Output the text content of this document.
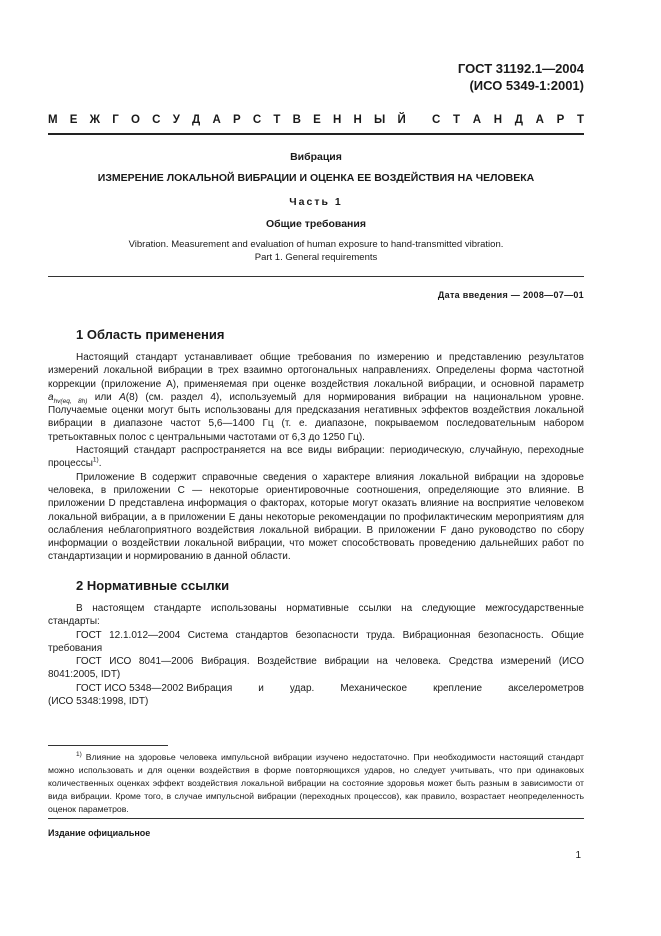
ГОСТ 31192.1—2004
(ИСО 5349-1:2001)
М Е Ж Г О С У Д А Р С Т В Е Н Н Ы Й С Т А Н Д А Р Т
Вибрация
ИЗМЕРЕНИЕ ЛОКАЛЬНОЙ ВИБРАЦИИ И ОЦЕНКА ЕЕ ВОЗДЕЙСТВИЯ НА ЧЕЛОВЕКА
Часть 1
Общие требования
Vibration. Measurement and evaluation of human exposure to hand-transmitted vibration.
Part 1. General requirements
Дата введения — 2008—07—01
1 Область применения

Настоящий стандарт устанавливает общие требования по измерению и представлению результатов измерений локальной вибрации в трех взаимно ортогональных направлениях. Определены форма частотной коррекции (приложение А), применяемая при оценке воздействия локальной вибрации, и основной параметр $a_{hv(eq, 8h)}$ или A(8) (см. раздел 4), используемый для нормирования вибрации на национальном уровне. Получаемые оценки могут быть использованы для предсказания негативных эффектов воздействия локальной вибрации в диапазоне частот 5,6—1400 Гц (т. е. диапазоне, покрываемом последовательным набором третьоктавных полос с центральными частотами от 6,3 до 1250 Гц).

Настоящий стандарт распространяется на все виды вибрации: периодическую, случайную, переходные процессы$^{1)}$.

Приложение В содержит справочные сведения о характере влияния локальной вибрации на здоровье человека, в приложении С — некоторые ориентировочные соотношения, определяющие это влияние. В приложении D представлена информация о факторах, которые могут оказать влияние на восприятие человеком локальной вибрации, а в приложении Е даны некоторые рекомендации по профилактическим мероприятиям для ослабления неблагоприятного воздействия локальной вибрации. В приложении F дано руководство по сбору информации о воздействии локальной вибрации, что может способствовать проведению дальнейших работ по стандартизации и нормированию в данной области.

2 Нормативные ссылки

В настоящем стандарте использованы нормативные ссылки на следующие межгосударственные стандарты:

ГОСТ 12.1.012—2004 Система стандартов безопасности труда. Вибрационная безопасность. Общие требования

ГОСТ ИСО 8041—2006 Вибрация. Воздействие вибрации на человека. Средства измерений (ИСО 8041:2005, IDT)

ГОСТ ИСО 5348—2002 Вибрация	и	удар.	Механическое	крепление	акселерометров

(ИСО 5348:1998, IDT)

$^{1)}$ Влияние на здоровье человека импульсной вибрации изучено недостаточно. При необходимости настоящий стандарт можно использовать и для оценки воздействия в форме повторяющихся ударов, но следует учитывать, что при одинаковых количественных оценках эффект воздействия локальной вибрации на состояние здоровья может быть разным в зависимости от вида вибрации. Кроме того, в случае импульсной вибрации (переходных процессов), как правило, возрастает неопределенность оценок параметров.

Издание официальное
1
